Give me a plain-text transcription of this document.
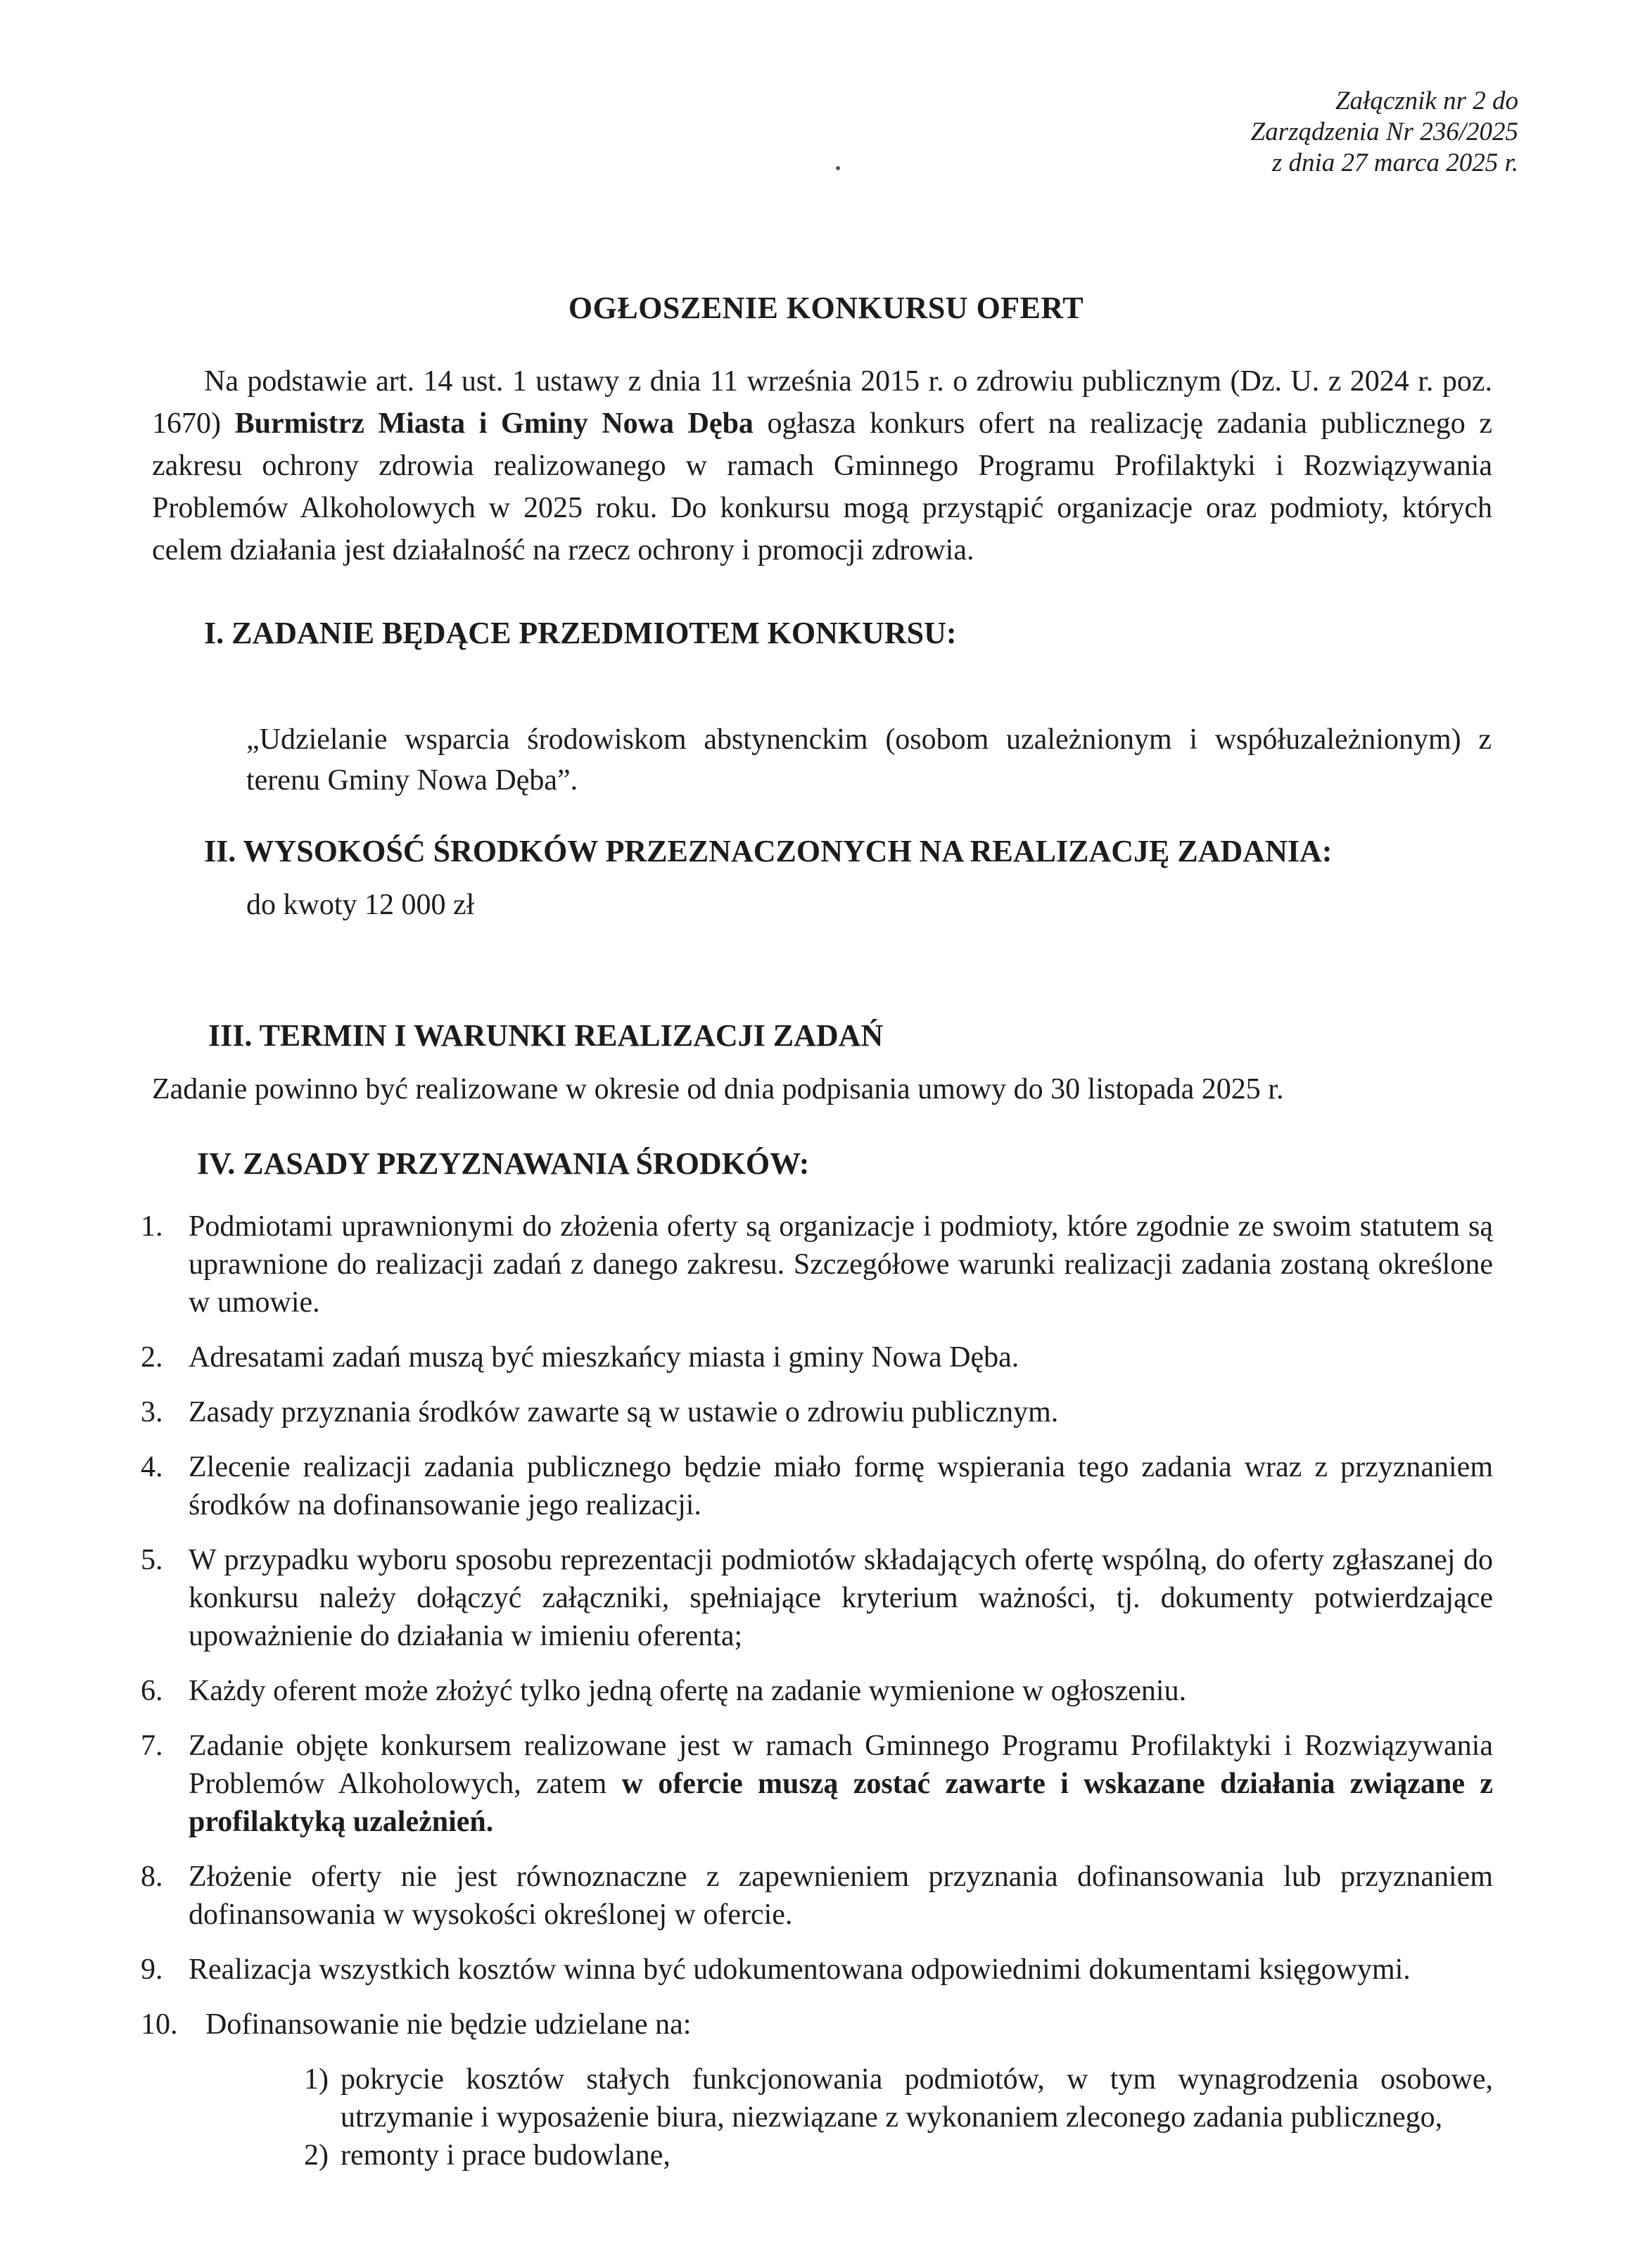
Załącznik nr 2 do
Zarządzenia Nr 236/2025
z dnia 27 marca 2025 r.
OGŁOSZENIE KONKURSU OFERT
Na podstawie art. 14 ust. 1 ustawy z dnia 11 września 2015 r. o zdrowiu publicznym (Dz. U. z 2024 r. poz. 1670) Burmistrz Miasta i Gminy Nowa Dęba ogłasza konkurs ofert na realizację zadania publicznego z zakresu ochrony zdrowia realizowanego w ramach Gminnego Programu Profilaktyki i Rozwiązywania Problemów Alkoholowych w 2025 roku. Do konkursu mogą przystąpić organizacje oraz podmioty, których celem działania jest działalność na rzecz ochrony i promocji zdrowia.
I. ZADANIE BĘDĄCE PRZEDMIOTEM KONKURSU:
„Udzielanie wsparcia środowiskom abstynenckim (osobom uzależnionym i współuzależnionym) z terenu Gminy Nowa Dęba”.
II. WYSOKOŚĆ ŚRODKÓW PRZEZNACZONYCH NA REALIZACJĘ ZADANIA:
do kwoty 12 000 zł
III. TERMIN I WARUNKI REALIZACJI ZADAŃ
Zadanie powinno być realizowane w okresie od dnia podpisania umowy do 30 listopada 2025 r.
IV. ZASADY PRZYZNAWANIA ŚRODKÓW:
1. Podmiotami uprawnionymi do złożenia oferty są organizacje i podmioty, które zgodnie ze swoim statutem są uprawnione do realizacji zadań z danego zakresu. Szczegółowe warunki realizacji zadania zostaną określone w umowie.
2. Adresatami zadań muszą być mieszkańcy miasta i gminy Nowa Dęba.
3. Zasady przyznania środków zawarte są w ustawie o zdrowiu publicznym.
4. Zlecenie realizacji zadania publicznego będzie miało formę wspierania tego zadania wraz z przyznaniem środków na dofinansowanie jego realizacji.
5. W przypadku wyboru sposobu reprezentacji podmiotów składających ofertę wspólną, do oferty zgłaszanej do konkursu należy dołączyć załączniki, spełniające kryterium ważności, tj. dokumenty potwierdzające upoważnienie do działania w imieniu oferenta;
6. Każdy oferent może złożyć tylko jedną ofertę na zadanie wymienione w ogłoszeniu.
7. Zadanie objęte konkursem realizowane jest w ramach Gminnego Programu Profilaktyki i Rozwiązywania Problemów Alkoholowych, zatem w ofercie muszą zostać zawarte i wskazane działania związane z profilaktyką uzależnień.
8. Złożenie oferty nie jest równoznaczne z zapewnieniem przyznania dofinansowania lub przyznaniem dofinansowania w wysokości określonej w ofercie.
9. Realizacja wszystkich kosztów winna być udokumentowana odpowiednimi dokumentami księgowymi.
10. Dofinansowanie nie będzie udzielane na:
1) pokrycie kosztów stałych funkcjonowania podmiotów, w tym wynagrodzenia osobowe, utrzymanie i wyposażenie biura, niezwiązane z wykonaniem zleconego zadania publicznego,
2) remonty i prace budowlane,
